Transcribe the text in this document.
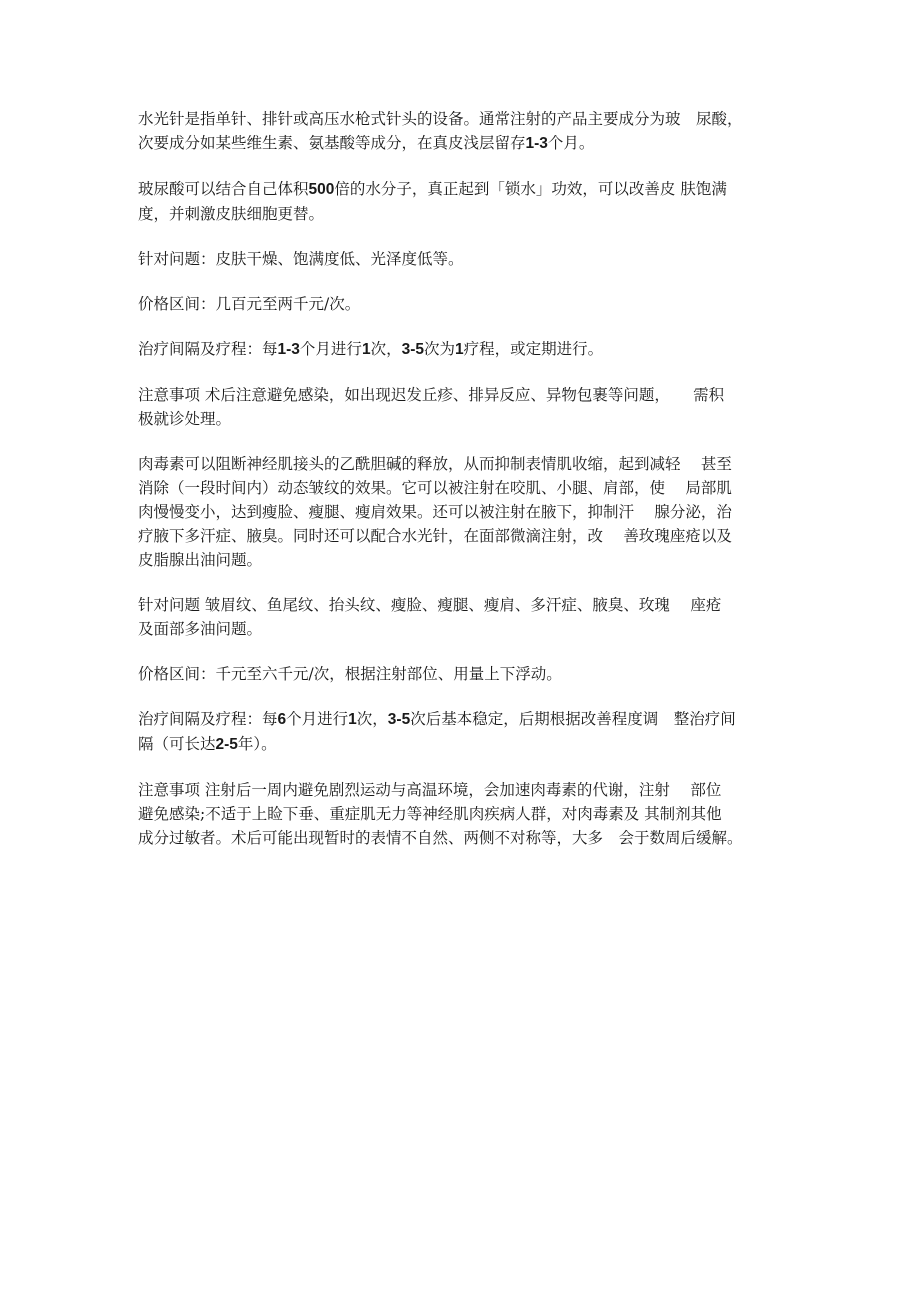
水光针是指单针、排针或高压水枪式针头的设备。通常注射的产品主要成分为玻　尿酸，
次要成分如某些维生素、氨基酸等成分，在真皮浅层留存1-3个月。

玻尿酸可以结合自己体积500倍的水分子，真正起到「锁水」功效，可以改善皮 肤饱满
度，并刺激皮肤细胞更替。

针对问题：皮肤干燥、饱满度低、光泽度低等。

价格区间：几百元至两千元/次。

治疗间隔及疗程：每1-3个月进行1次，3-5次为1疗程，或定期进行。

注意事项 术后注意避免感染，如出现迟发丘疹、排异反应、异物包裹等问题，　　需积
极就诊处理。

肉毒素可以阻断神经肌接头的乙酰胆碱的释放，从而抑制表情肌收缩，起到减轻　 甚至
消除（一段时间内）动态皱纹的效果。它可以被注射在咬肌、小腿、肩部，使　 局部肌
肉慢慢变小，达到瘦脸、瘦腿、瘦肩效果。还可以被注射在腋下，抑制汗　 腺分泌，治
疗腋下多汗症、腋臭。同时还可以配合水光针，在面部微滴注射，改　 善玫瑰座疮以及
皮脂腺出油问题。

针对问题 皱眉纹、鱼尾纹、抬头纹、瘦脸、瘦腿、瘦肩、多汗症、腋臭、玫瑰　 座疮
及面部多油问题。

价格区间：千元至六千元/次，根据注射部位、用量上下浮动。

治疗间隔及疗程：每6个月进行1次，3-5次后基本稳定，后期根据改善程度调　整治疗间
隔（可长达2-5年）。

注意事项 注射后一周内避免剧烈运动与高温环境，会加速肉毒素的代谢，注射　 部位
避免感染;不适于上睑下垂、重症肌无力等神经肌肉疾病人群，对肉毒素及 其制剂其他
成分过敏者。术后可能出现暂时的表情不自然、两侧不对称等，大多　会于数周后缓解。
